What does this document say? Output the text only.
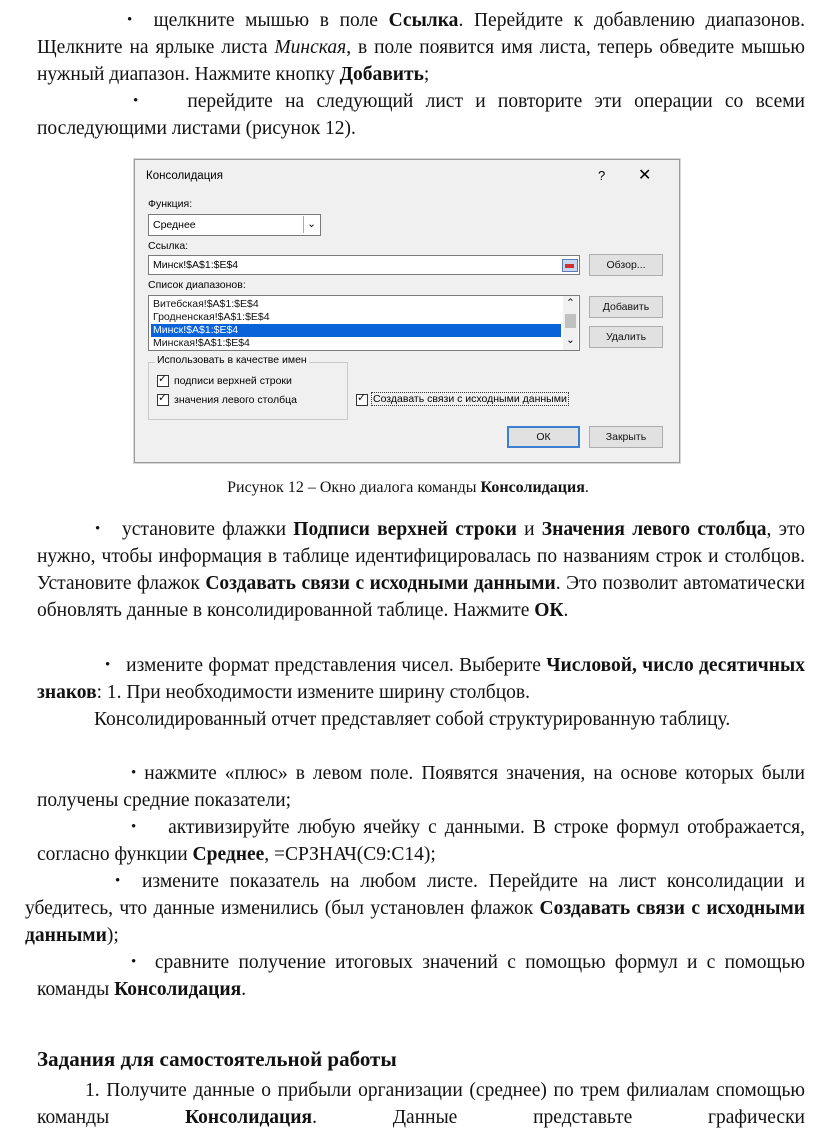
• щелкните мышью в поле Ссылка. Перейдите к добавлению диапазонов. Щелкните на ярлыке листа Минская, в поле появится имя листа, теперь обведите мышью нужный диапазон. Нажмите кнопку Добавить;
•	перейдите на следующий лист и повторите эти операции со всеми последующими листами (рисунок 12).
Консолидация	? ✕
Функция:
Среднее	⌄
Ссылка:
Минск!$A$1:$E$4	Обзор...
Список диапазонов:
Витебская!$A$1:$E$4
Гродненская!$A$1:$E$4
Минск!$A$1:$E$4
Минская!$A$1:$E$4
⌃
⌄
Добавить
Удалить
Использовать в качестве имен
✓
подписи верхней строки
✓
значения левого столбца
✓	Создавать связи с исходными данными
ОК	Закрыть
Рисунок 12 – Окно диалога команды Консолидация.
• установите флажки Подписи верхней строки и Значения левого столбца, это нужно, чтобы информация в таблице идентифицировалась по названиям строк и столбцов. Установите флажок Создавать связи с исходными данными. Это позволит автоматически обновлять данные в консолидированной таблице. Нажмите ОК.
• измените формат представления чисел. Выберите Числовой, число десятичных знаков: 1. При необходимости измените ширину столбцов.
Консолидированный отчет представляет собой структурированную таблицу.
• нажмите «плюс» в левом поле. Появятся значения, на основе которых были получены средние показатели;
• активизируйте любую ячейку с данными. В строке формул отображается, согласно функции Среднее, =СРЗНАЧ(C9:C14);
• измените показатель на любом листе. Перейдите на лист консолидации и убедитесь, что данные изменились (был установлен флажок Создавать связи с исходными данными);
• сравните получение итоговых значений с помощью формул и с помощью команды Консолидация.
Задания для самостоятельной работы
1. Получите данные о прибыли организации (среднее) по трем филиалам спомощью команды Консолидация. Данные представьте графически
